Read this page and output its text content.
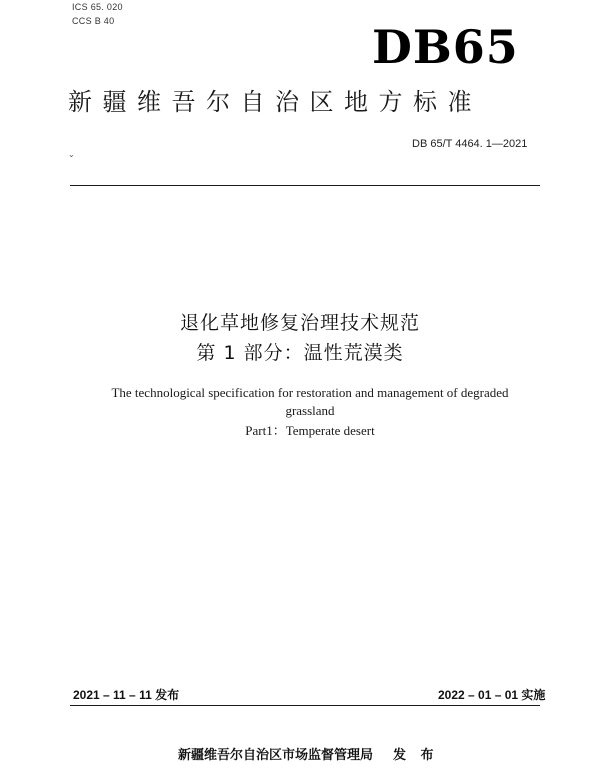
ICS 65. 020
CCS B 40	DB65
新疆维吾尔自治区地方标准
DB 65/T 4464. 1—2021
⌄
退化草地修复治理技术规范
第 1 部分：温性荒漠类
The technological specification for restoration and management of degraded grassland
Part1：Temperate desert
2021 – 11 – 11 发布	2022 – 01 – 01 实施
新疆维吾尔自治区市场监督管理局 发 布
